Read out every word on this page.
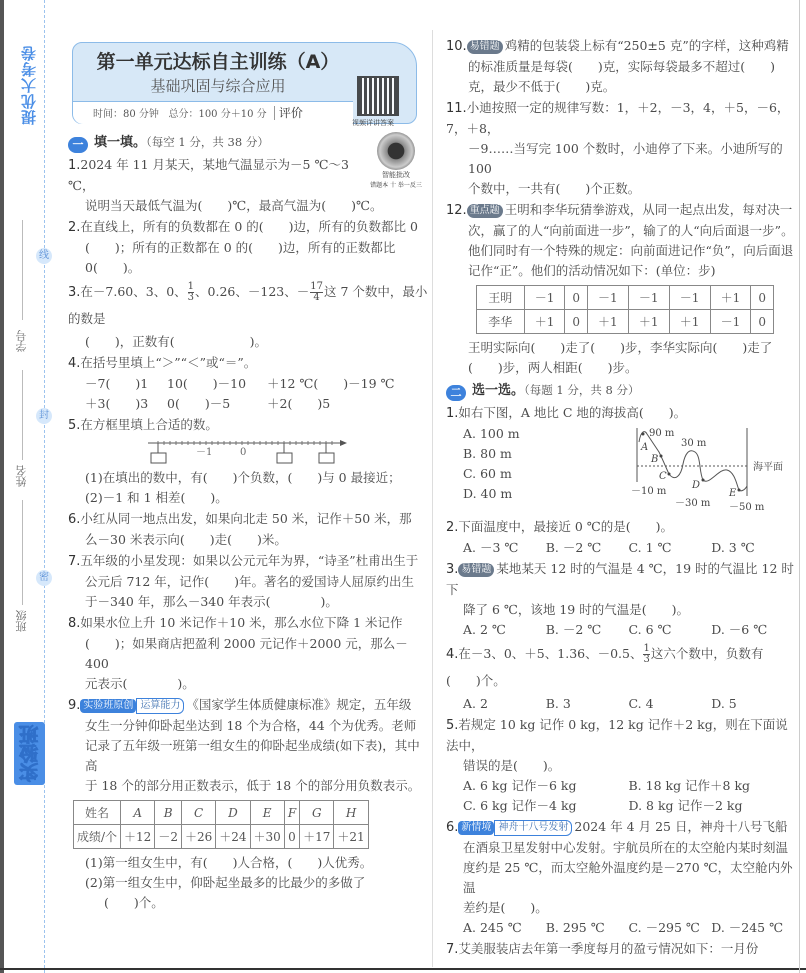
提优大考卷
学号
姓名
班级
线
封
密
实验班
第一单元达标自主训练（A）
基础巩固与综合应用
时间：80 分钟 总分：100 分＋10 分 评价
视频详讲答案
智能批改
错题本 十 举一反三
一 填一填。（每空 1 分，共 38 分）
1.2024 年 11 月某天，某地气温显示为－5 ℃～3 ℃，
说明当天最低气温为(　　)℃，最高气温为(　　)℃。
2.在直线上，所有的负数都在 0 的(　　)边，所有的负数都比 0
(　　)；所有的正数都在 0 的(　　)边，所有的正数都比
0(　　)。
3.在－7.60、3、0、 $\frac{1}{3}$ 、0.26、－123、－ $\frac{17}{4}$ 这 7 个数中，最小的数是
(　　)，正数有(　　　　　　)。
4.在括号里填上“＞”“＜”或“＝”。
－7(　　)1	10(　　)－10	＋12 ℃(　　)－19 ℃
＋3(　　)3	0(　　)－5	＋2(　　)5
5.在方框里填上合适的数。
－1	0
(1)在填出的数中，有(　　)个负数，(　　)与 0 最接近；
(2)－1 和 1 相差(　　)。
6.小红从同一地点出发，如果向北走 50 米，记作＋50 米，那
么－30 米表示向(　　)走(　　)米。
7.五年级的小星发现：如果以公元元年为界，“诗圣”杜甫出生于
公元后 712 年，记作(　　)年。著名的爱国诗人屈原约出生
于－340 年，那么－340 年表示(　　　　)。
8.如果水位上升 10 米记作＋10 米，那么水位下降 1 米记作
(　　)；如果商店把盈利 2000 元记作＋2000 元，那么－400
元表示(　　　　)。
9. 实验班原创 运算能力 《国家学生体质健康标准》规定，五年级
女生一分钟仰卧起坐达到 18 个为合格，44 个为优秀。老师
记录了五年级一班第一组女生的仰卧起坐成绩(如下表)，其中高
于 18 个的部分用正数表示，低于 18 个的部分用负数表示。
姓名	A	B	C	D	E	F	G	H
成绩/个	＋12	－2	＋26	＋24	＋30	0	＋17	＋21
(1)第一组女生中，有(　　)人合格，(　　)人优秀。
(2)第一组女生中，仰卧起坐最多的比最少的多做了
(　　)个。
10. 易错题 鸡精的包装袋上标有“250±5 克”的字样，这种鸡精
的标准质量是每袋(　　)克，实际每袋最多不超过(　　)
克，最少不低于(　　)克。
11.小迪按照一定的规律写数：1，＋2，－3，4，＋5，－6，7，＋8，
－9……当写完 100 个数时，小迪停了下来。小迪所写的 100
个数中，一共有(　　)个正数。
12. 重点题 王明和李华玩猜拳游戏，从同一起点出发，每对决一
次，赢了的人“向前面进一步”，输了的人“向后面退一步”。
他们同时有一个特殊的规定：向前面进记作“负”，向后面退
记作“正”。他们的活动情况如下：(单位：步)
王明	－1	0	－1	－1	－1	＋1	0
李华	＋1	0	＋1	＋1	＋1	－1	0
王明实际向(　　)走了(　　)步，李华实际向(　　)走了
(　　)步，两人相距(　　)步。
二 选一选。（每题 1 分，共 8 分）
1.如右下图，A 地比 C 地的海拔高(　　)。
90 m
30 m
－10 m
－30 m －50 m
海平面
A
B
C
D
E
A. 100 m
B. 80 m
C. 60 m
D. 40 m
2.下面温度中，最接近 0 ℃的是(　　)。
A. －3 ℃	B. －2 ℃	C. 1 ℃	D. 3 ℃
3. 易错题 某地某天 12 时的气温是 4 ℃，19 时的气温比 12 时下
降了 6 ℃，该地 19 时的气温是(　　)。
A. 2 ℃	B. －2 ℃	C. 6 ℃	D. －6 ℃
4.在－3、0、＋5、1.36、－0.5、 $\frac{1}{3}$ 这六个数中，负数有(　　)个。
A. 2	B. 3	C. 4	D. 5
5.若规定 10 kg 记作 0 kg，12 kg 记作＋2 kg，则在下面说法中，
错误的是(　　)。
A. 6 kg 记作－6 kg	B. 18 kg 记作＋8 kg
C. 6 kg 记作－4 kg	D. 8 kg 记作－2 kg
6. 新情境 神舟十八号发射 2024 年 4 月 25 日，神舟十八号飞船
在酒泉卫星发射中心发射。宇航员所在的太空舱内某时刻温
度约是 25 ℃，而太空舱外温度约是－270 ℃，太空舱内外温
差约是(　　)。
A. 245 ℃	B. 295 ℃	C. －295 ℃ D. －245 ℃
7.艾美服装店去年第一季度每月的盈亏情况如下：一月份
